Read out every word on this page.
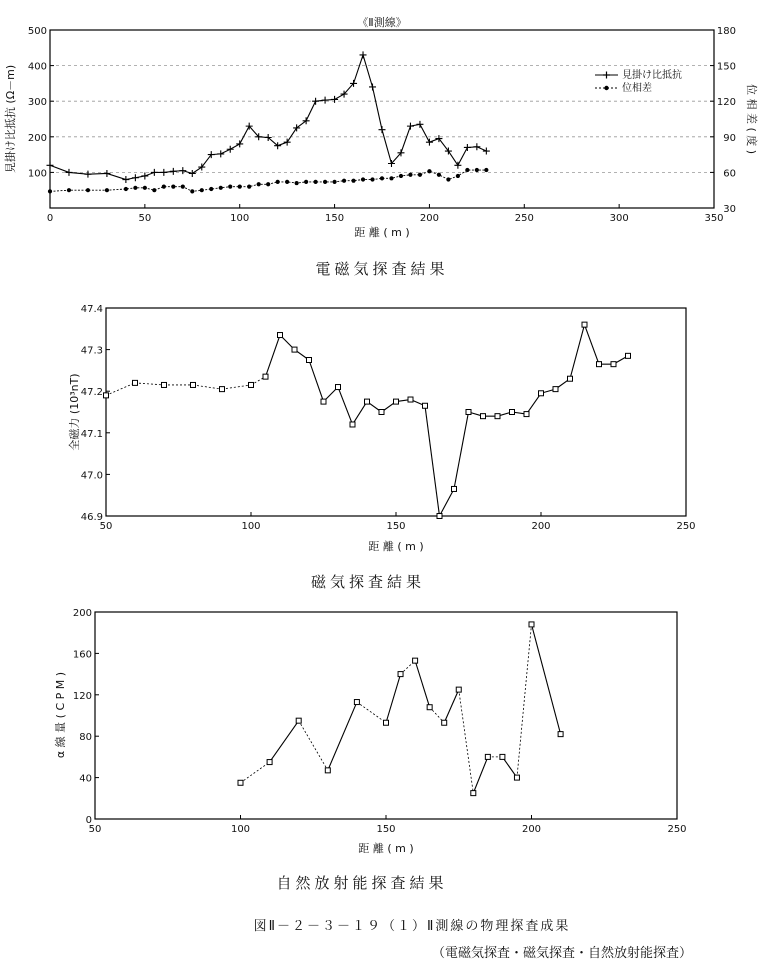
《Ⅱ測線》
0	50	100	150	200	250	300	350
100
200
300
400
500
30
60
90
120
150
180
距 離 ( m )
見掛け比抵抗 (Ω－m)	位 相 差 ( 度 )
見掛け比抵抗
位相差
電磁気探査結果
50	100	150	200	250
46.9
47.0
47.1
47.2
47.3
47.4
距 離 ( m )
全磁力 (10³nT)
磁気探査結果
50	100	150	200	250
0
40
80
120
160
200
距 離 ( m )
α 線 量 ( C P M )
自然放射能探査結果
図Ⅱ－２－３－１９（１）Ⅱ測線の物理探査成果
（電磁気探査・磁気探査・自然放射能探査）
